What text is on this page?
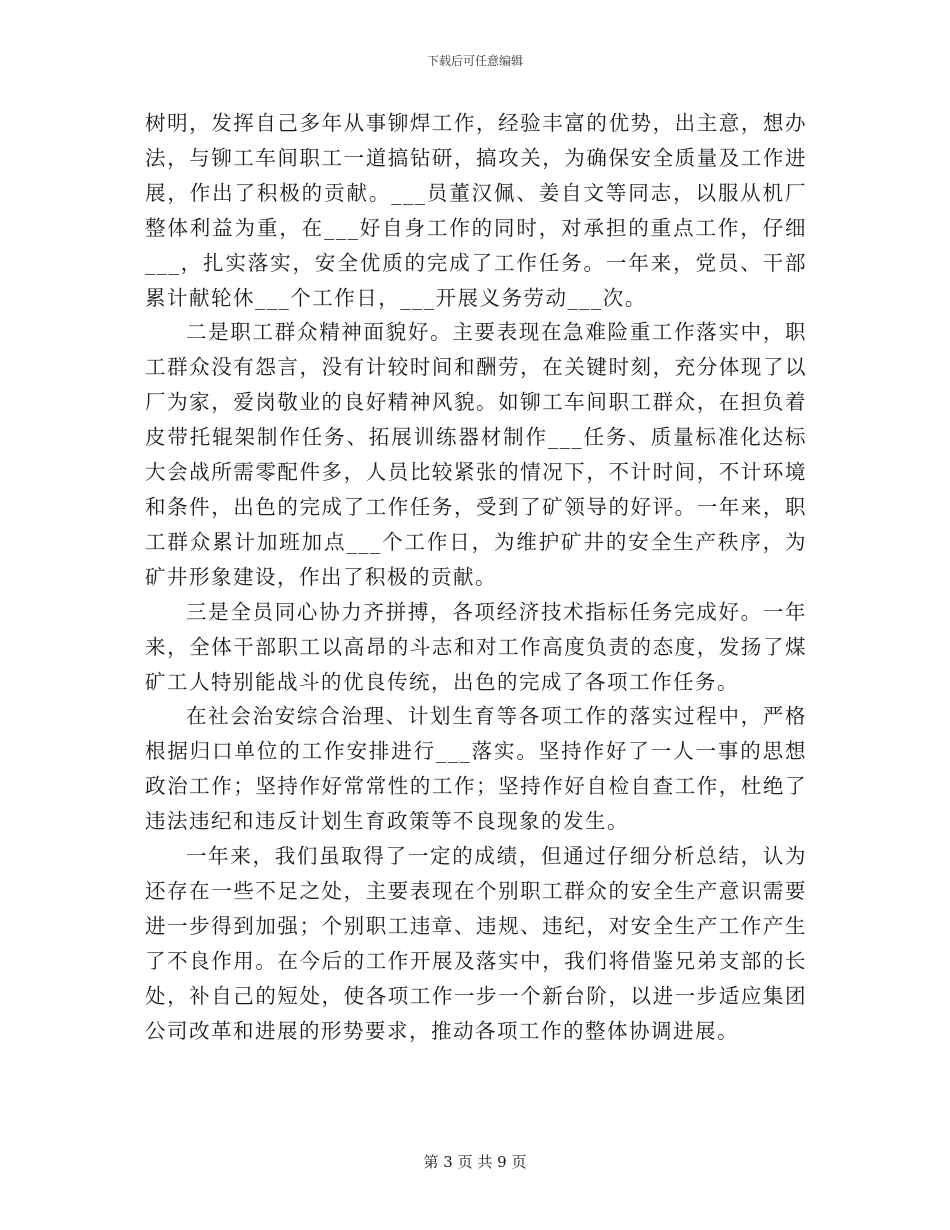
下载后可任意编辑

树明，发挥自己多年从事铆焊工作，经验丰富的优势，出主意，想办法，与铆工车间职工一道搞钻研，搞攻关，为确保安全质量及工作进展，作出了积极的贡献。___员董汉佩、姜自文等同志，以服从机厂整体利益为重，在___好自身工作的同时，对承担的重点工作，仔细___，扎实落实，安全优质的完成了工作任务。一年来，党员、干部累计献轮休___个工作日，___开展义务劳动___次。

二是职工群众精神面貌好。主要表现在急难险重工作落实中，职工群众没有怨言，没有计较时间和酬劳，在关键时刻，充分体现了以厂为家，爱岗敬业的良好精神风貌。如铆工车间职工群众，在担负着皮带托辊架制作任务、拓展训练器材制作___任务、质量标准化达标大会战所需零配件多，人员比较紧张的情况下，不计时间，不计环境和条件，出色的完成了工作任务，受到了矿领导的好评。一年来，职工群众累计加班加点___个工作日，为维护矿井的安全生产秩序，为矿井形象建设，作出了积极的贡献。

三是全员同心协力齐拼搏，各项经济技术指标任务完成好。一年来，全体干部职工以高昂的斗志和对工作高度负责的态度，发扬了煤矿工人特别能战斗的优良传统，出色的完成了各项工作任务。

在社会治安综合治理、计划生育等各项工作的落实过程中，严格根据归口单位的工作安排进行___落实。坚持作好了一人一事的思想政治工作；坚持作好常常性的工作；坚持作好自检自查工作，杜绝了违法违纪和违反计划生育政策等不良现象的发生。

一年来，我们虽取得了一定的成绩，但通过仔细分析总结，认为还存在一些不足之处，主要表现在个别职工群众的安全生产意识需要进一步得到加强；个别职工违章、违规、违纪，对安全生产工作产生了不良作用。在今后的工作开展及落实中，我们将借鉴兄弟支部的长处，补自己的短处，使各项工作一步一个新台阶，以进一步适应集团公司改革和进展的形势要求，推动各项工作的整体协调进展。

第 3 页 共 9 页
